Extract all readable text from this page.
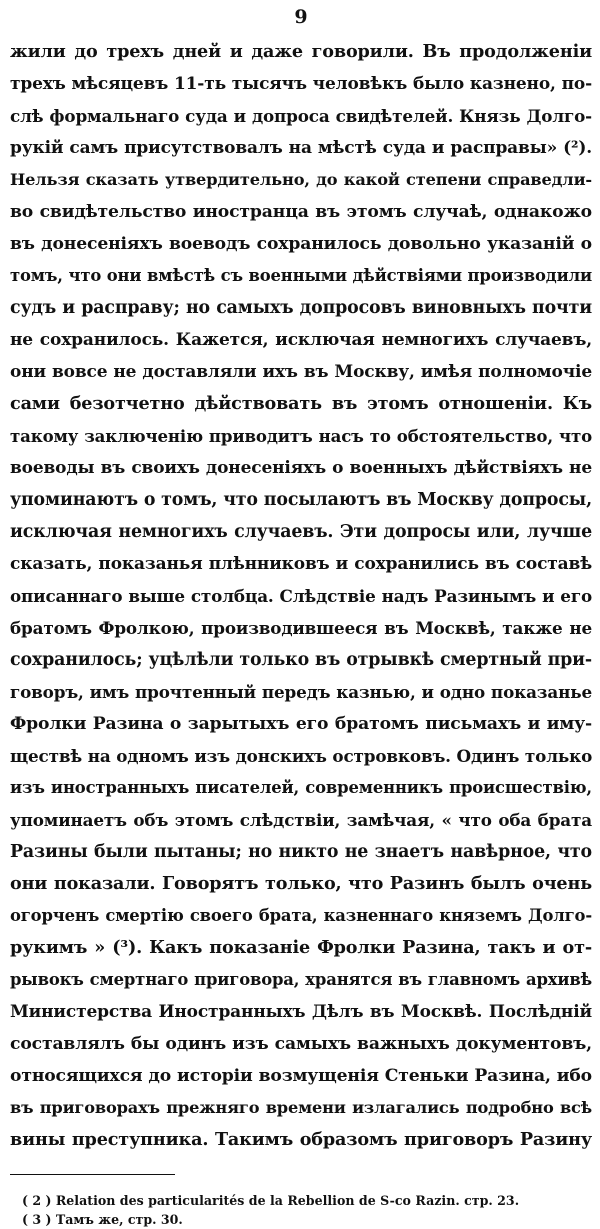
9
жили до трехъ дней и даже говорили. Въ продолженіи
трехъ мѣсяцевъ 11-ть тысячъ человѣкъ было казнено, по-
слѣ формальнаго суда и допроса свидѣтелей. Князь Долго-
рукій самъ присутствовалъ на мѣстѣ суда и расправы» (²).
Нельзя сказать утвердительно, до какой степени справедли-
во свидѣтельство иностранца въ этомъ случаѣ, однакожо
въ донесеніяхъ воеводъ сохранилось довольно указаній о
томъ, что они вмѣстѣ съ военными дѣйствіями производили
судъ и расправу; но самыхъ допросовъ виновныхъ почти
не сохранилось. Кажется, исключая немногихъ случаевъ,
они вовсе не доставляли ихъ въ Москву, имѣя полномочіе
сами безотчетно дѣйствовать въ этомъ отношеніи. Къ
такому заключенію приводитъ насъ то обстоятельство, что
воеводы въ своихъ донесеніяхъ о военныхъ дѣйствіяхъ не
упоминаютъ о томъ, что посылаютъ въ Москву допросы,
исключая немногихъ случаевъ. Эти допросы или, лучше
сказать, показанья плѣнниковъ и сохранились въ составѣ
описаннаго выше столбца. Слѣдствіе надъ Разинымъ и его
братомъ Фролкою, производившееся въ Москвѣ, также не
сохранилось; уцѣлѣли только въ отрывкѣ смертный при-
говоръ, имъ прочтенный передъ казнью, и одно показанье
Фролки Разина о зарытыхъ его братомъ письмахъ и иму-
ществѣ на одномъ изъ донскихъ островковъ. Одинъ только
изъ иностранныхъ писателей, современникъ происшествію,
упоминаетъ объ этомъ слѣдствіи, замѣчая, « что оба брата
Разины были пытаны; но никто не знаетъ навѣрное, что
они показали. Говорятъ только, что Разинъ былъ очень
огорченъ смертію своего брата, казненнаго княземъ Долго-
рукимъ » (³). Какъ показаніе Фролки Разина, такъ и от-
рывокъ смертнаго приговора, хранятся въ главномъ архивѣ
Министерства Иностранныхъ Дѣлъ въ Москвѣ. Послѣдній
составлялъ бы одинъ изъ самыхъ важныхъ документовъ,
относящихся до исторіи возмущенія Стеньки Разина, ибо
въ приговорахъ прежняго времени излагались подробно всѣ
вины преступника. Такимъ образомъ приговоръ Разину
( 2 ) Relation des particularités de la Rebellion de S-co Razin. стр. 23.
( 3 ) Тамъ же, стр. 30.
